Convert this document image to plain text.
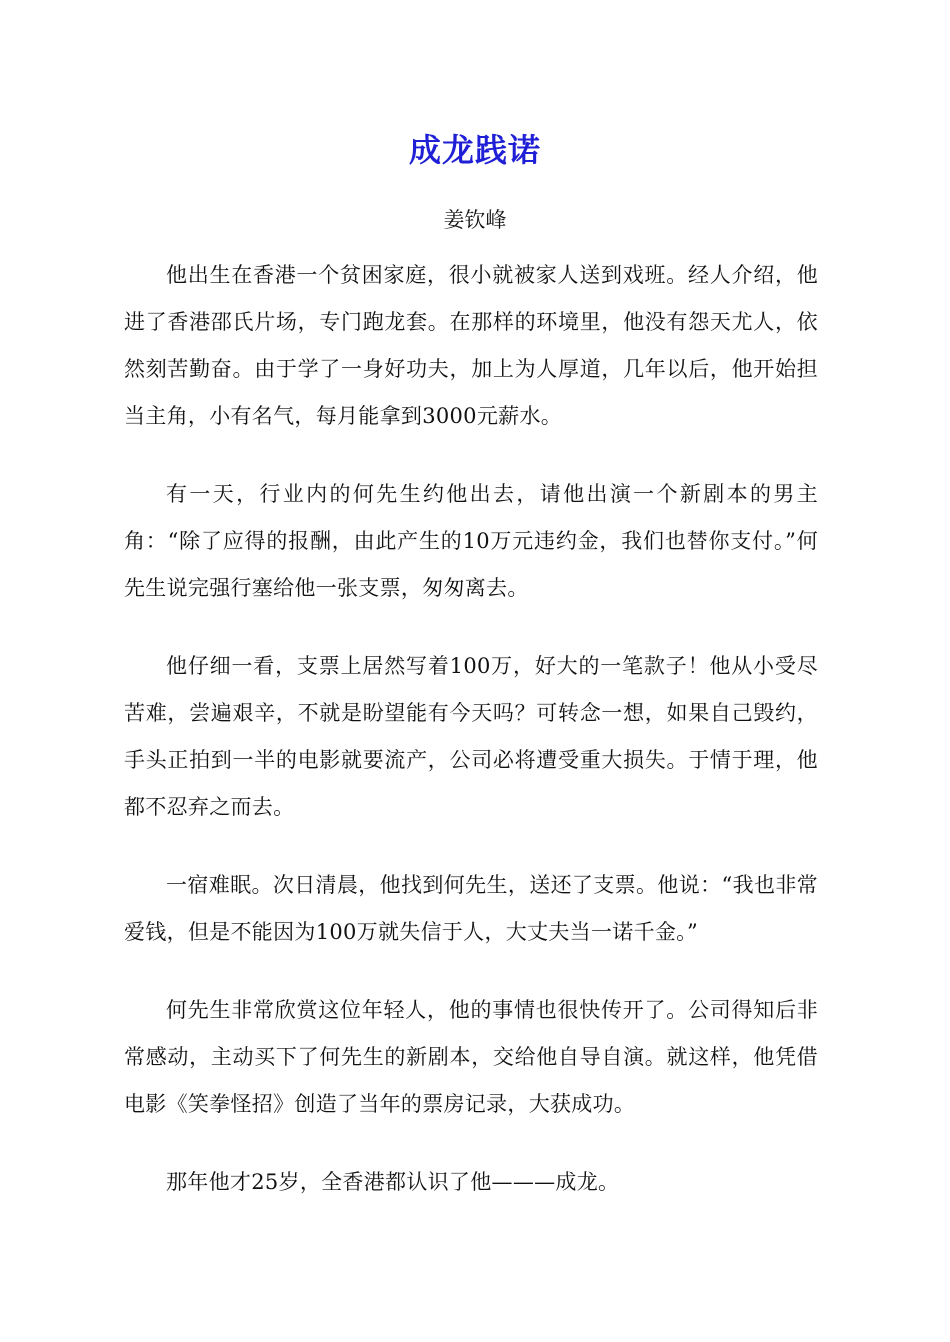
成龙践诺
姜钦峰

他出生在香港一个贫困家庭，很小就被家人送到戏班。经人介绍，他进了香港邵氏片场，专门跑龙套。在那样的环境里，他没有怨天尤人，依然刻苦勤奋。由于学了一身好功夫，加上为人厚道，几年以后，他开始担当主角，小有名气，每月能拿到3000元薪水。

有一天，行业内的何先生约他出去，请他出演一个新剧本的男主角：“除了应得的报酬，由此产生的10万元违约金，我们也替你支付。”何先生说完强行塞给他一张支票，匆匆离去。

他仔细一看，支票上居然写着100万，好大的一笔款子！他从小受尽苦难，尝遍艰辛，不就是盼望能有今天吗？可转念一想，如果自己毁约，手头正拍到一半的电影就要流产，公司必将遭受重大损失。于情于理，他都不忍弃之而去。

一宿难眠。次日清晨，他找到何先生，送还了支票。他说：“我也非常爱钱，但是不能因为100万就失信于人，大丈夫当一诺千金。”

何先生非常欣赏这位年轻人，他的事情也很快传开了。公司得知后非常感动，主动买下了何先生的新剧本，交给他自导自演。就这样，他凭借电影《笑拳怪招》创造了当年的票房记录，大获成功。

那年他才25岁，全香港都认识了他———成龙。
